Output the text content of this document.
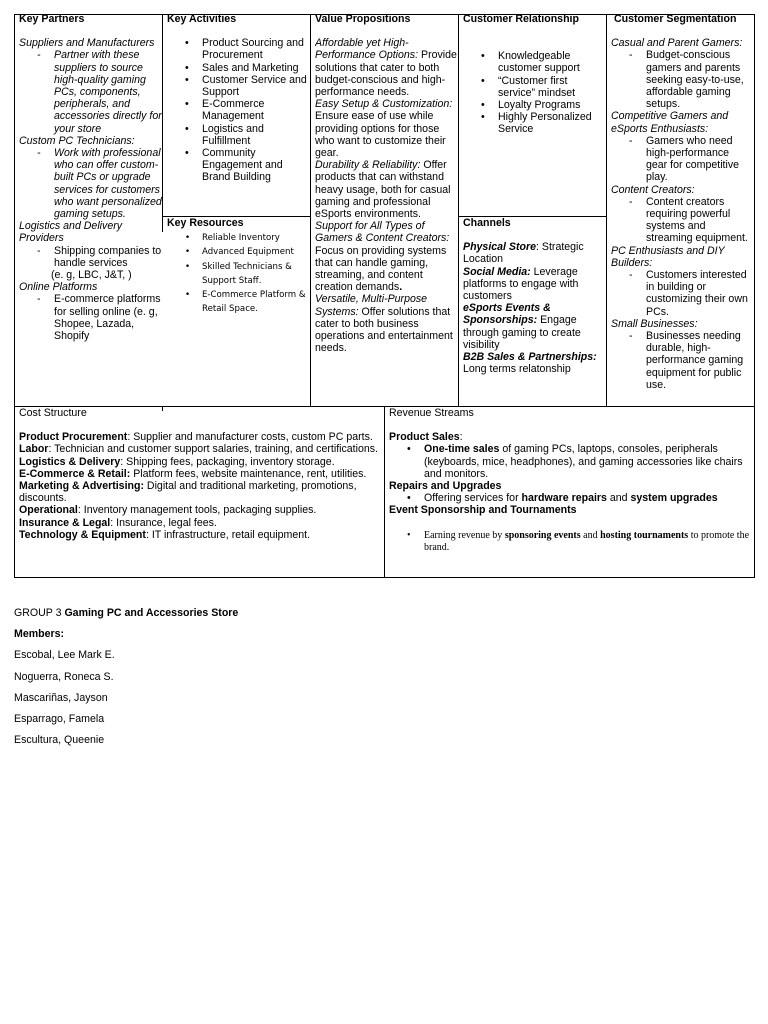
Key Partners
Suppliers and Manufacturers
- Partner with these suppliers to source high-quality gaming PCs, components, peripherals, and accessories directly for your store
Custom PC Technicians:
- Work with professional who can offer custom-built PCs or upgrade services for customers who want personalized gaming setups.
Logistics and Delivery Providers
- Shipping companies to handle services
(e. g, LBC, J&T, )
Online Platforms
- E-commerce platforms for selling online (e. g, Shopee, Lazada, Shopify
Key Activities
• Product Sourcing and Procurement
• Sales and Marketing
• Customer Service and Support
• E-Commerce Management
• Logistics and Fulfillment
• Community Engagement and Brand Building
Key Resources
• Reliable Inventory
• Advanced Equipment
• Skilled Technicians & Support Staff.
• E-Commerce Platform & Retail Space.
Value Propositions
Affordable yet High-Performance Options: Provide solutions that cater to both budget-conscious and high-performance needs.
Easy Setup & Customization: Ensure ease of use while providing options for those who want to customize their gear.
Durability & Reliability: Offer products that can withstand heavy usage, both for casual gaming and professional eSports environments.
Support for All Types of Gamers & Content Creators: Focus on providing systems that can handle gaming, streaming, and content creation demands.
Versatile, Multi-Purpose Systems: Offer solutions that cater to both business operations and entertainment needs.
Customer Relationship
• Knowledgeable customer support
• “Customer first service” mindset
• Loyalty Programs
• Highly Personalized Service
Channels
Physical Store: Strategic Location
Social Media: Leverage platforms to engage with customers
eSports Events & Sponsorships: Engage through gaming to create visibility
B2B Sales & Partnerships:
Long terms relatonship
Customer Segmentation
Casual and Parent Gamers:
- Budget-conscious gamers and parents seeking easy-to-use, affordable gaming setups.
Competitive Gamers and eSports Enthusiasts:
- Gamers who need high-performance gear for competitive play.
Content Creators:
- Content creators requiring powerful systems and streaming equipment.
PC Enthusiasts and DIY Builders:
- Customers interested in building or customizing their own PCs.
Small Businesses:
- Businesses needing durable, high-performance gaming equipment for public use.
Cost Structure
Product Procurement: Supplier and manufacturer costs, custom PC parts.
Labor: Technician and customer support salaries, training, and certifications.
Logistics & Delivery: Shipping fees, packaging, inventory storage.
E-Commerce & Retail: Platform fees, website maintenance, rent, utilities.
Marketing & Advertising: Digital and traditional marketing, promotions, discounts.
Operational: Inventory management tools, packaging supplies.
Insurance & Legal: Insurance, legal fees.
Technology & Equipment: IT infrastructure, retail equipment.
Revenue Streams
Product Sales:
• One-time sales of gaming PCs, laptops, consoles, peripherals (keyboards, mice, headphones), and gaming accessories like chairs and monitors.
Repairs and Upgrades
• Offering services for hardware repairs and system upgrades
Event Sponsorship and Tournaments
• Earning revenue by sponsoring events and hosting tournaments to promote the brand.
GROUP 3 Gaming PC and Accessories Store
Members:
Escobal, Lee Mark E.
Noguerra, Roneca S.
Mascariñas, Jayson
Esparrago, Famela
Escultura, Queenie
